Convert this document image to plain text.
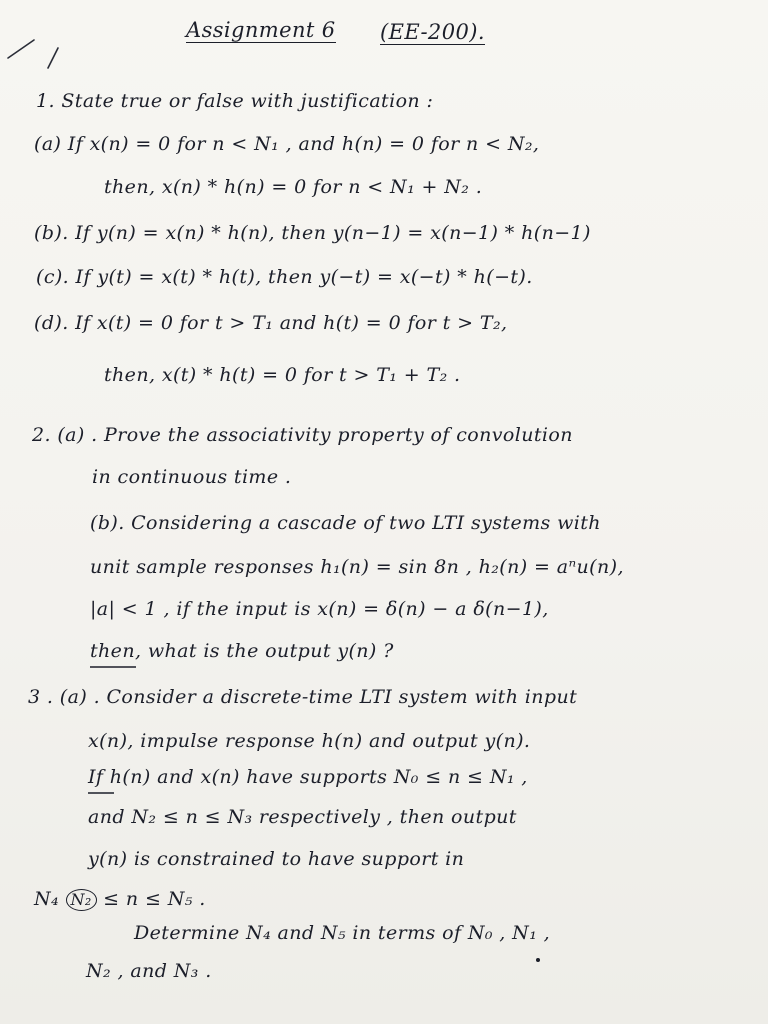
Assignment 6 (EE-200).
1. State true or false with justification :
(a) If x(n) = 0 for n < N₁ , and h(n) = 0 for n < N₂,
then, x(n) * h(n) = 0 for n < N₁ + N₂ .
(b). If y(n) = x(n) * h(n), then y(n−1) = x(n−1) * h(n−1)
(c). If y(t) = x(t) * h(t), then y(−t) = x(−t) * h(−t).
(d). If x(t) = 0 for t > T₁ and h(t) = 0 for t > T₂,
then, x(t) * h(t) = 0 for t > T₁ + T₂ .
2. (a) . Prove the associativity property of convolution
in continuous time .
(b). Considering a cascade of two LTI systems with
unit sample responses h₁(n) = sin 8n , h₂(n) = aⁿu(n),
|a| < 1 , if the input is x(n) = δ(n) − a δ(n−1),
then, what is the output y(n) ?
3 . (a) . Consider a discrete-time LTI system with input
x(n), impulse response h(n) and output y(n).
If h(n) and x(n) have supports N₀ ≤ n ≤ N₁ ,
and N₂ ≤ n ≤ N₃ respectively , then output
y(n) is constrained to have support in
N₄ N₂ ≤ n ≤ N₅ .
Determine N₄ and N₅ in terms of N₀ , N₁ ,
N₂ , and N₃ .
